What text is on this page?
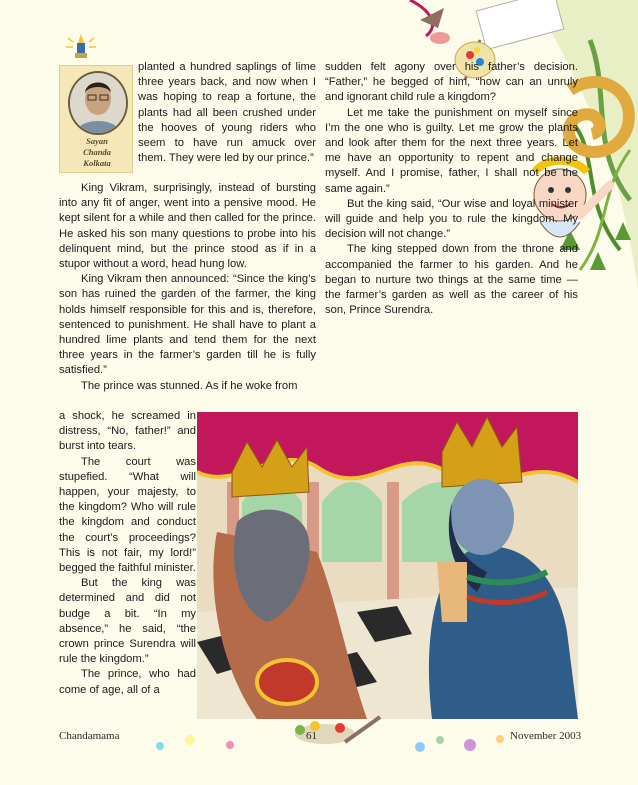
Sayan
Chanda
Kolkata

planted a hundred saplings of lime three years back, and now when I was hoping to reap a fortune, the plants had all been crushed under the hooves of young riders who seem to have run amuck over them. They were led by our prince.”

King Vikram, surprisingly, instead of bursting into any fit of anger, went into a pensive mood. He kept silent for a while and then called for the prince. He asked his son many questions to probe into his delinquent mind, but the prince stood as if in a stupor without a word, head hung low.

King Vikram then announced: “Since the king’s son has ruined the garden of the farmer, the king holds himself responsible for this and is, therefore, sentenced to punishment. He shall have to plant a hundred lime plants and tend them for the next three years in the farmer’s garden till he is fully satisfied.”

The prince was stunned. As if he woke from

a shock, he screamed in distress, “No, father!” and burst into tears.

The court was stupefied. “What will happen, your majesty, to the kingdom? Who will rule the kingdom and conduct the court’s proceedings? This is not fair, my lord!” begged the faithful minister.

But the king was determined and did not budge a bit. “In my absence,” he said, “the crown prince Surendra will rule the kingdom.”

The prince, who had come of age, all of a

sudden felt agony over his father’s decision. “Father,” he begged of him, “how can an unruly and ignorant child rule a kingdom?

Let me take the punishment on myself since I’m the one who is guilty. Let me grow the plants and look after them for the next three years. Let me have an opportunity to repent and change myself. And I promise, father, I shall not be the same again.”

But the king said, “Our wise and loyal minister will guide and help you to rule the kingdom. My decision will not change.”

The king stepped down from the throne and accompanied the farmer to his garden. And he began to nurture two things at the same time — the farmer’s garden as well as the career of his son, Prince Surendra.

Chandamama	61	November 2003
